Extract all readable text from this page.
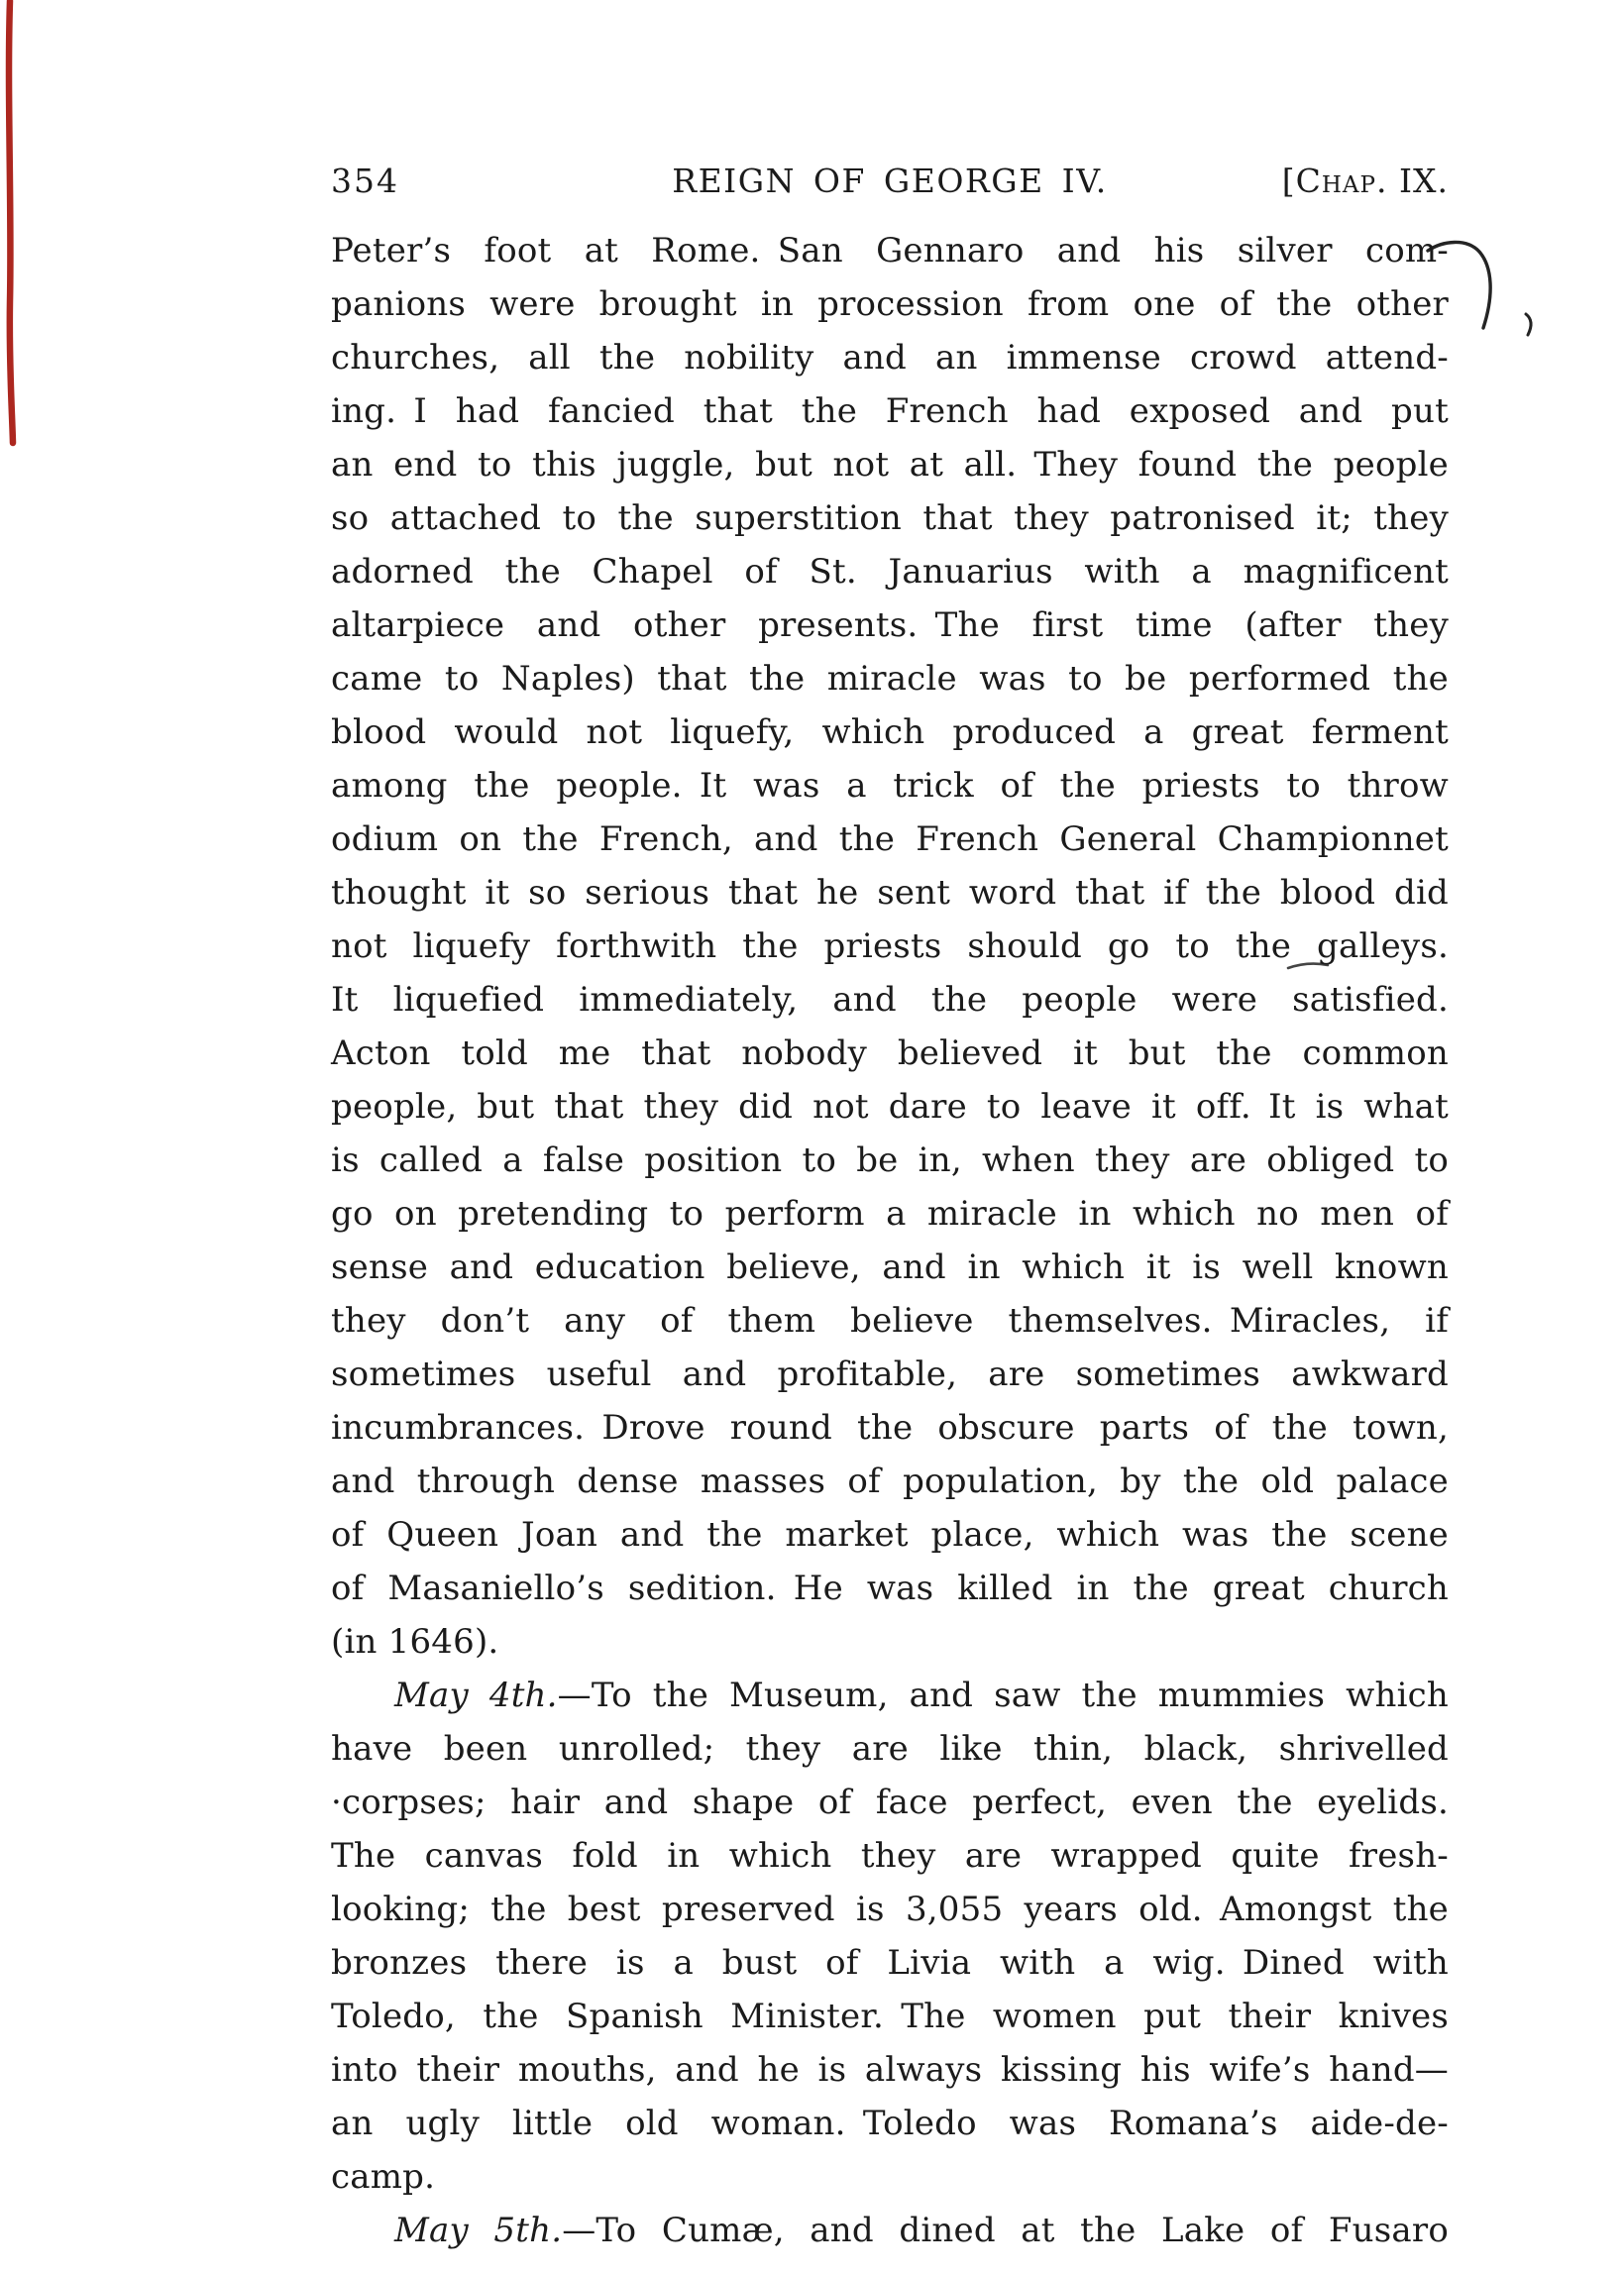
354	REIGN OF GEORGE IV.	[Chap. IX.
Peter’s foot at Rome. San Gennaro and his silver com-
panions were brought in procession from one of the other
churches, all the nobility and an immense crowd attend-
ing. I had fancied that the French had exposed and put
an end to this juggle, but not at all. They found the people
so attached to the superstition that they patronised it; they
adorned the Chapel of St. Januarius with a magnificent
altarpiece and other presents. The first time (after they
came to Naples) that the miracle was to be performed the
blood would not liquefy, which produced a great ferment
among the people. It was a trick of the priests to throw
odium on the French, and the French General Championnet
thought it so serious that he sent word that if the blood did
not liquefy forthwith the priests should go to the galleys.
It liquefied immediately, and the people were satisfied.
Acton told me that nobody believed it but the common
people, but that they did not dare to leave it off. It is what
is called a false position to be in, when they are obliged to
go on pretending to perform a miracle in which no men of
sense and education believe, and in which it is well known
they don’t any of them believe themselves. Miracles, if
sometimes useful and profitable, are sometimes awkward
incumbrances. Drove round the obscure parts of the town,
and through dense masses of population, by the old palace
of Queen Joan and the market place, which was the scene
of Masaniello’s sedition. He was killed in the great church
(in 1646).
May 4th.—To the Museum, and saw the mummies which
have been unrolled; they are like thin, black, shrivelled
·corpses; hair and shape of face perfect, even the eyelids.
The canvas fold in which they are wrapped quite fresh-
looking; the best preserved is 3,055 years old. Amongst the
bronzes there is a bust of Livia with a wig. Dined with
Toledo, the Spanish Minister. The women put their knives
into their mouths, and he is always kissing his wife’s hand—
an ugly little old woman. Toledo was Romana’s aide-de-
camp.
May 5th.—To Cumæ, and dined at the Lake of Fusaro
